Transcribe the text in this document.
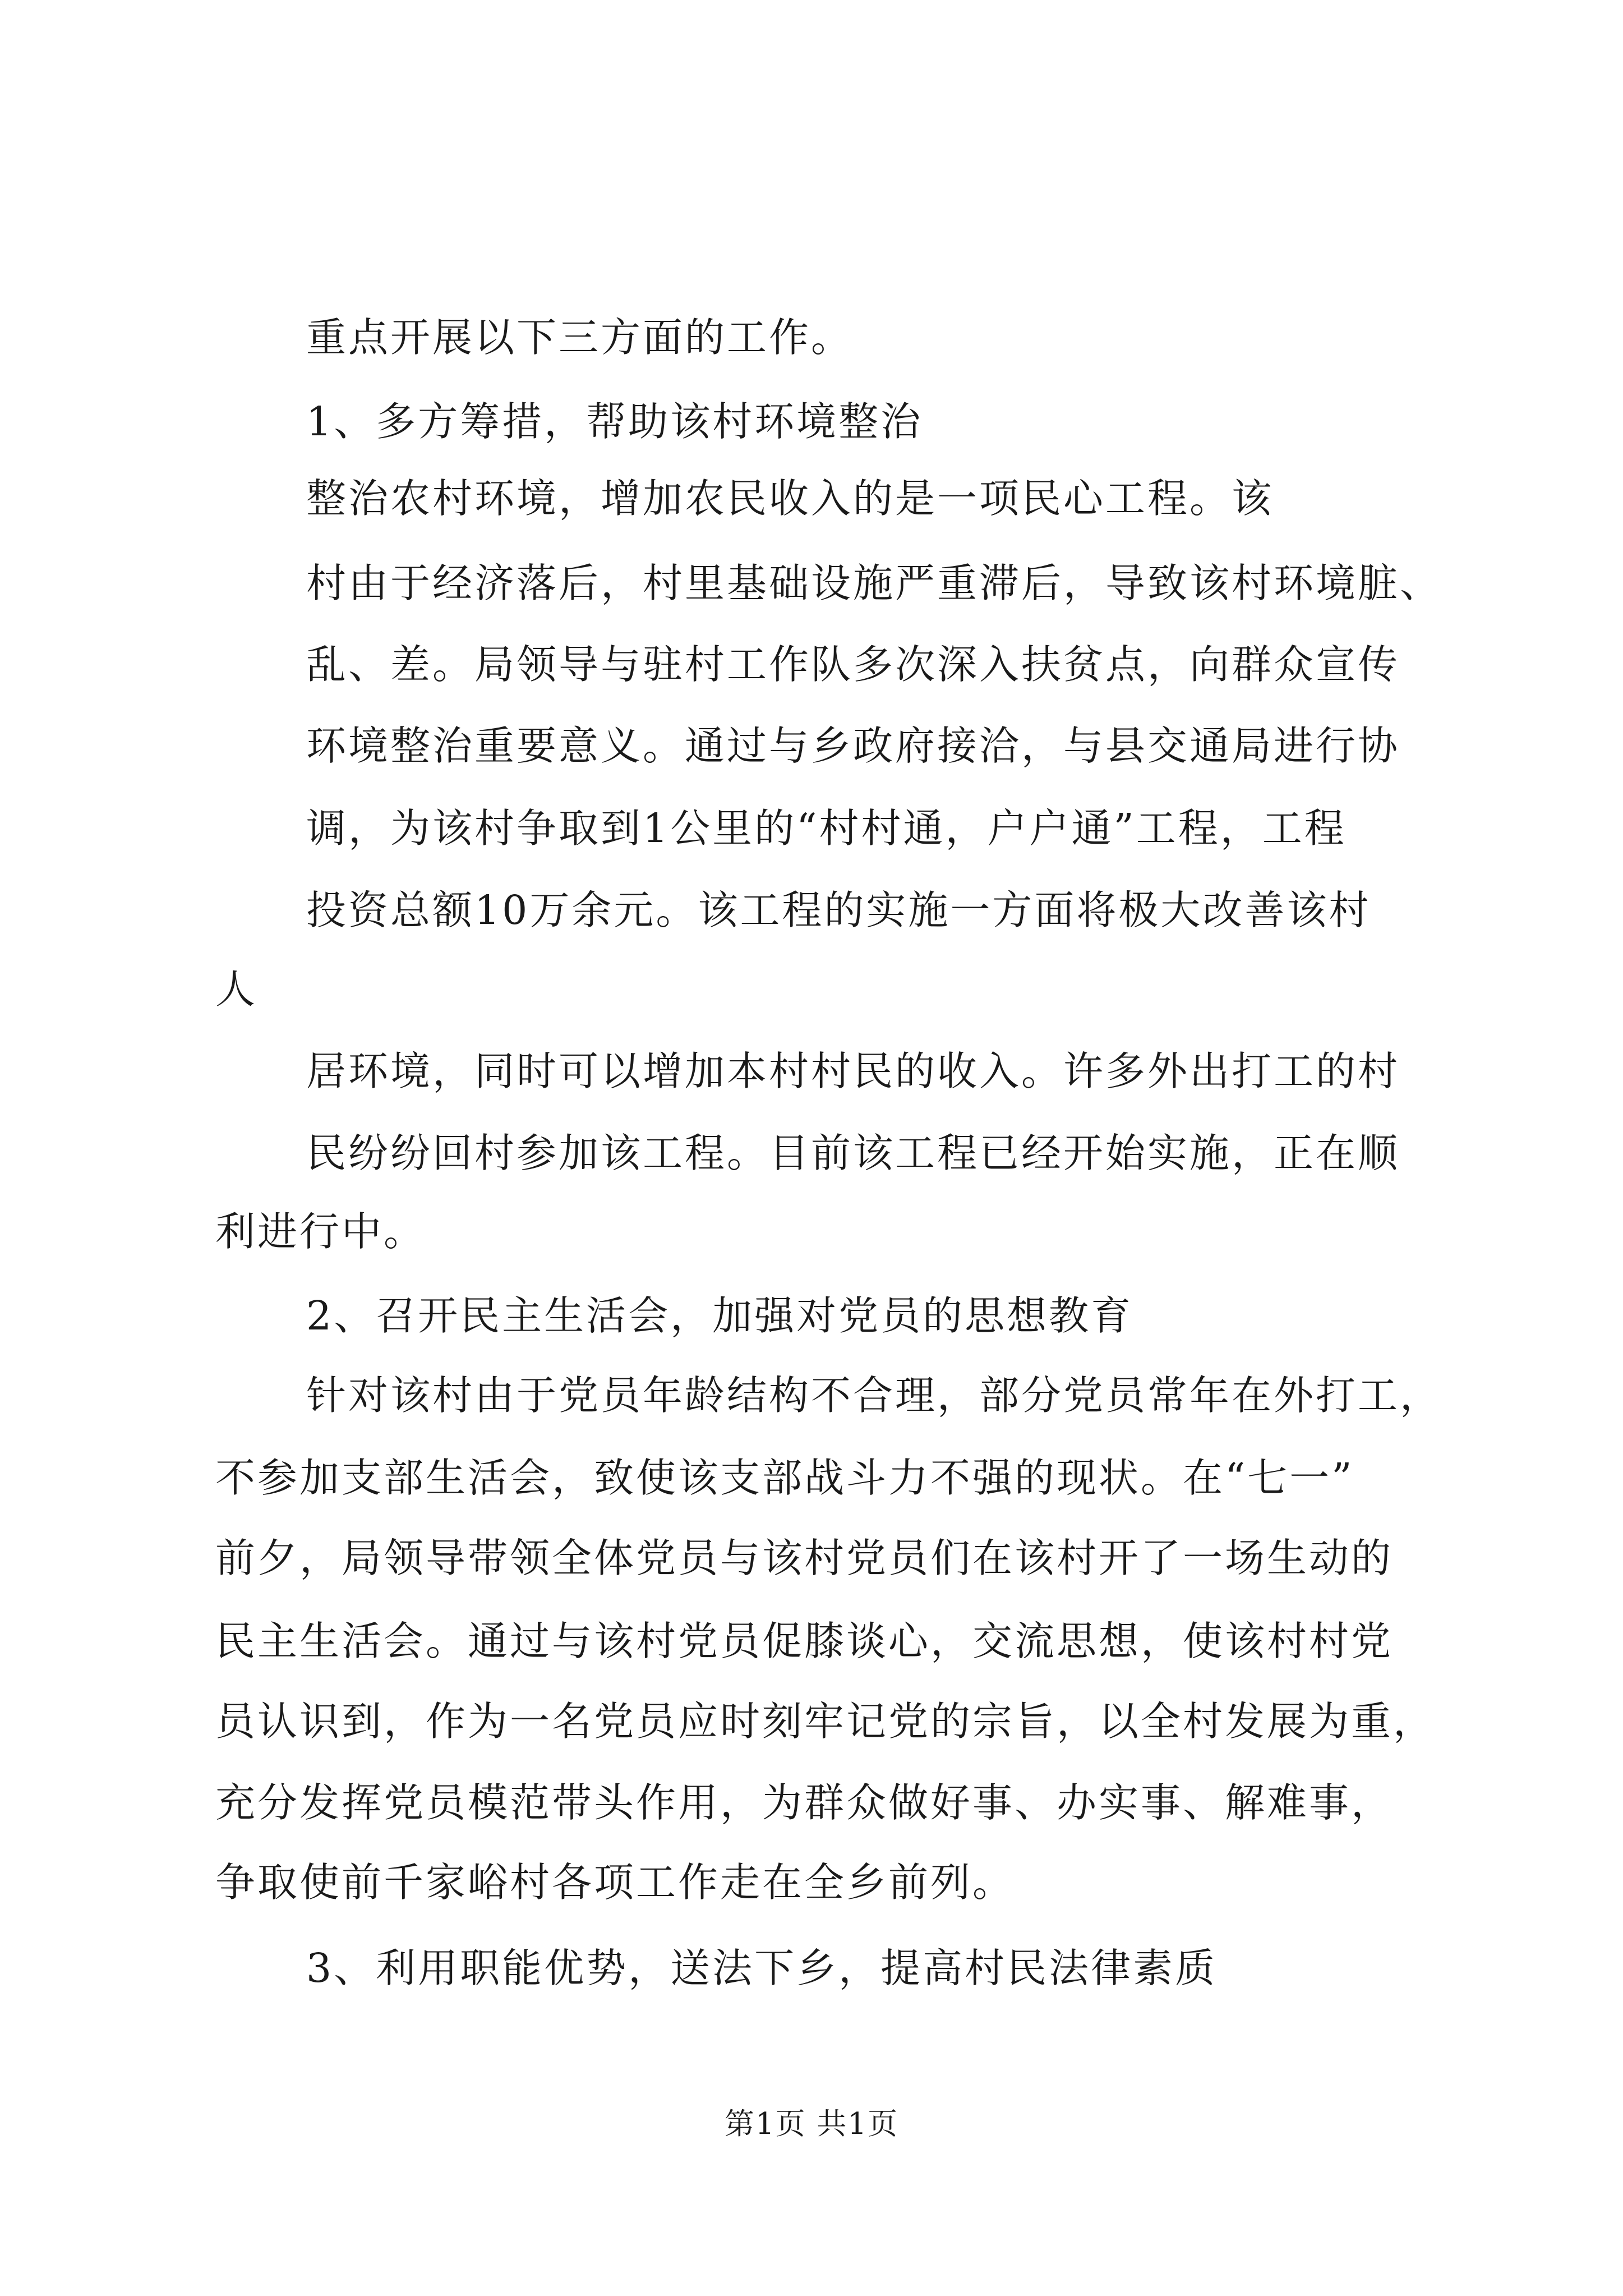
重点开展以下三方面的工作。
1、多方筹措，帮助该村环境整治
整治农村环境，增加农民收入的是一项民心工程。该
村由于经济落后，村里基础设施严重滞后，导致该村环境脏、
乱、差。局领导与驻村工作队多次深入扶贫点，向群众宣传
环境整治重要意义。通过与乡政府接洽，与县交通局进行协
调，为该村争取到1公里的“村村通，户户通”工程，工程
投资总额10万余元。该工程的实施一方面将极大改善该村
人
居环境，同时可以增加本村村民的收入。许多外出打工的村
民纷纷回村参加该工程。目前该工程已经开始实施，正在顺
利进行中。
2、召开民主生活会，加强对党员的思想教育
针对该村由于党员年龄结构不合理，部分党员常年在外打工，
不参加支部生活会，致使该支部战斗力不强的现状。在“七一”
前夕，局领导带领全体党员与该村党员们在该村开了一场生动的
民主生活会。通过与该村党员促膝谈心，交流思想，使该村村党
员认识到，作为一名党员应时刻牢记党的宗旨，以全村发展为重，
充分发挥党员模范带头作用，为群众做好事、办实事、解难事，
争取使前千家峪村各项工作走在全乡前列。
3、利用职能优势，送法下乡，提高村民法律素质
第1页 共1页
